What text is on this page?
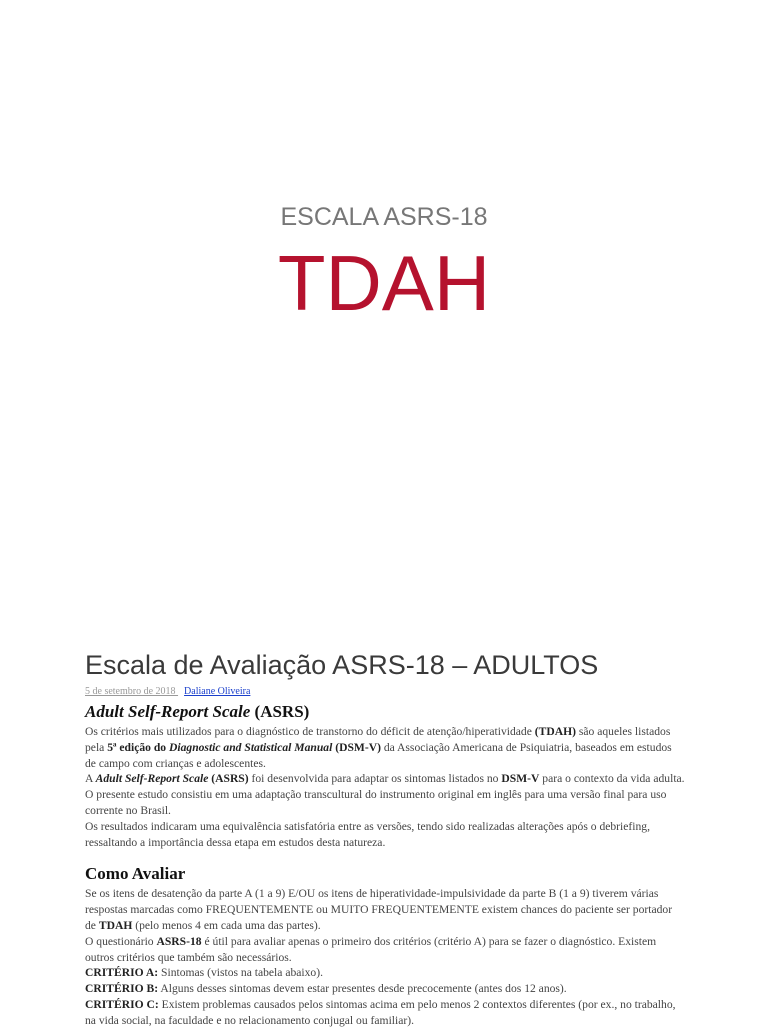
ESCALA ASRS-18
TDAH
Escala de Avaliação ASRS-18 – ADULTOS
5 de setembro de 2018 Daliane Oliveira
Adult Self-Report Scale (ASRS)

Os critérios mais utilizados para o diagnóstico de transtorno do déficit de atenção/hiperatividade (TDAH) são aqueles listados pela 5ª edição do Diagnostic and Statistical Manual (DSM-V) da Associação Americana de Psiquiatria, baseados em estudos de campo com crianças e adolescentes.

A Adult Self-Report Scale (ASRS) foi desenvolvida para adaptar os sintomas listados no DSM-V para o contexto da vida adulta. O presente estudo consistiu em uma adaptação transcultural do instrumento original em inglês para uma versão final para uso corrente no Brasil.

Os resultados indicaram uma equivalência satisfatória entre as versões, tendo sido realizadas alterações após o debriefing, ressaltando a importância dessa etapa em estudos desta natureza.

Como Avaliar

Se os itens de desatenção da parte A (1 a 9) E/OU os itens de hiperatividade-impulsividade da parte B (1 a 9) tiverem várias respostas marcadas como FREQUENTEMENTE ou MUITO FREQUENTEMENTE existem chances do paciente ser portador de TDAH (pelo menos 4 em cada uma das partes).

O questionário ASRS-18 é útil para avaliar apenas o primeiro dos critérios (critério A) para se fazer o diagnóstico. Existem outros critérios que também são necessários.

CRITÉRIO A: Sintomas (vistos na tabela abaixo).

CRITÉRIO B: Alguns desses sintomas devem estar presentes desde precocemente (antes dos 12 anos).

CRITÉRIO C: Existem problemas causados pelos sintomas acima em pelo menos 2 contextos diferentes (por ex., no trabalho, na vida social, na faculdade e no relacionamento conjugal ou familiar).
